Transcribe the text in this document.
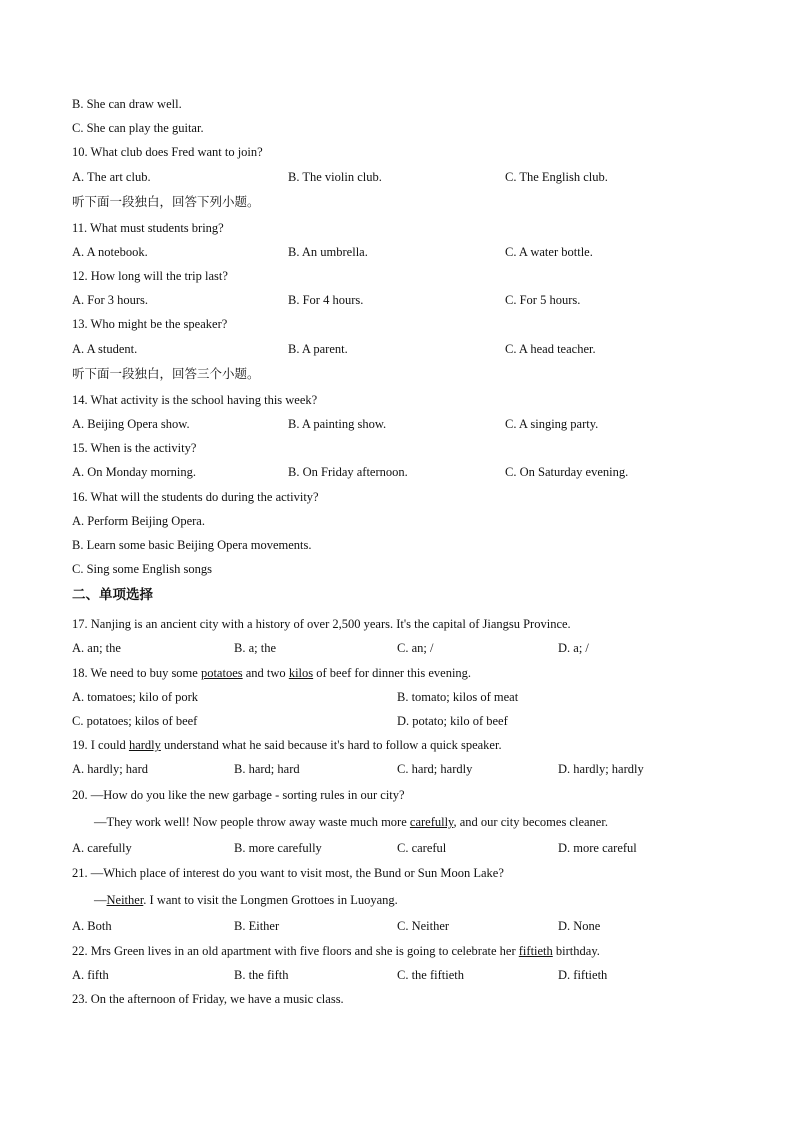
B. She can draw well.
C. She can play the guitar.
10. What club does Fred want to join?
A. The art club.	B. The violin club.	C. The English club.
听下面一段独白，回答下列小题。
11. What must students bring?
A. A notebook.	B. An umbrella.	C. A water bottle.
12. How long will the trip last?
A. For 3 hours.	B. For 4 hours.	C. For 5 hours.
13. Who might be the speaker?
A. A student.	B. A parent.	C. A head teacher.
听下面一段独白，回答三个小题。
14. What activity is the school having this week?
A. Beijing Opera show.	B. A painting show.	C. A singing party.
15. When is the activity?
A. On Monday morning.	B. On Friday afternoon.	C. On Saturday evening.
16. What will the students do during the activity?
A. Perform Beijing Opera.
B. Learn some basic Beijing Opera movements.
C. Sing some English songs
二、单项选择
17. Nanjing is an ancient city with a history of over 2,500 years. It's the capital of Jiangsu Province.
A. an; the	B. a; the	C. an; /	D. a; /
18. We need to buy some potatoes and two kilos of beef for dinner this evening.
A. tomatoes; kilo of pork	B. tomato; kilos of meat
C. potatoes; kilos of beef	D. potato; kilo of beef
19. I could hardly understand what he said because it's hard to follow a quick speaker.
A. hardly; hard	B. hard; hard	C. hard; hardly	D. hardly; hardly
20. —How do you like the new garbage - sorting rules in our city?
—They work well! Now people throw away waste much more carefully, and our city becomes cleaner.
A. carefully	B. more carefully	C. careful	D. more careful
21. —Which place of interest do you want to visit most, the Bund or Sun Moon Lake?
—Neither. I want to visit the Longmen Grottoes in Luoyang.
A. Both	B. Either	C. Neither	D. None
22. Mrs Green lives in an old apartment with five floors and she is going to celebrate her fiftieth birthday.
A. fifth	B. the fifth	C. the fiftieth	D. fiftieth
23. On the afternoon of Friday, we have a music class.
